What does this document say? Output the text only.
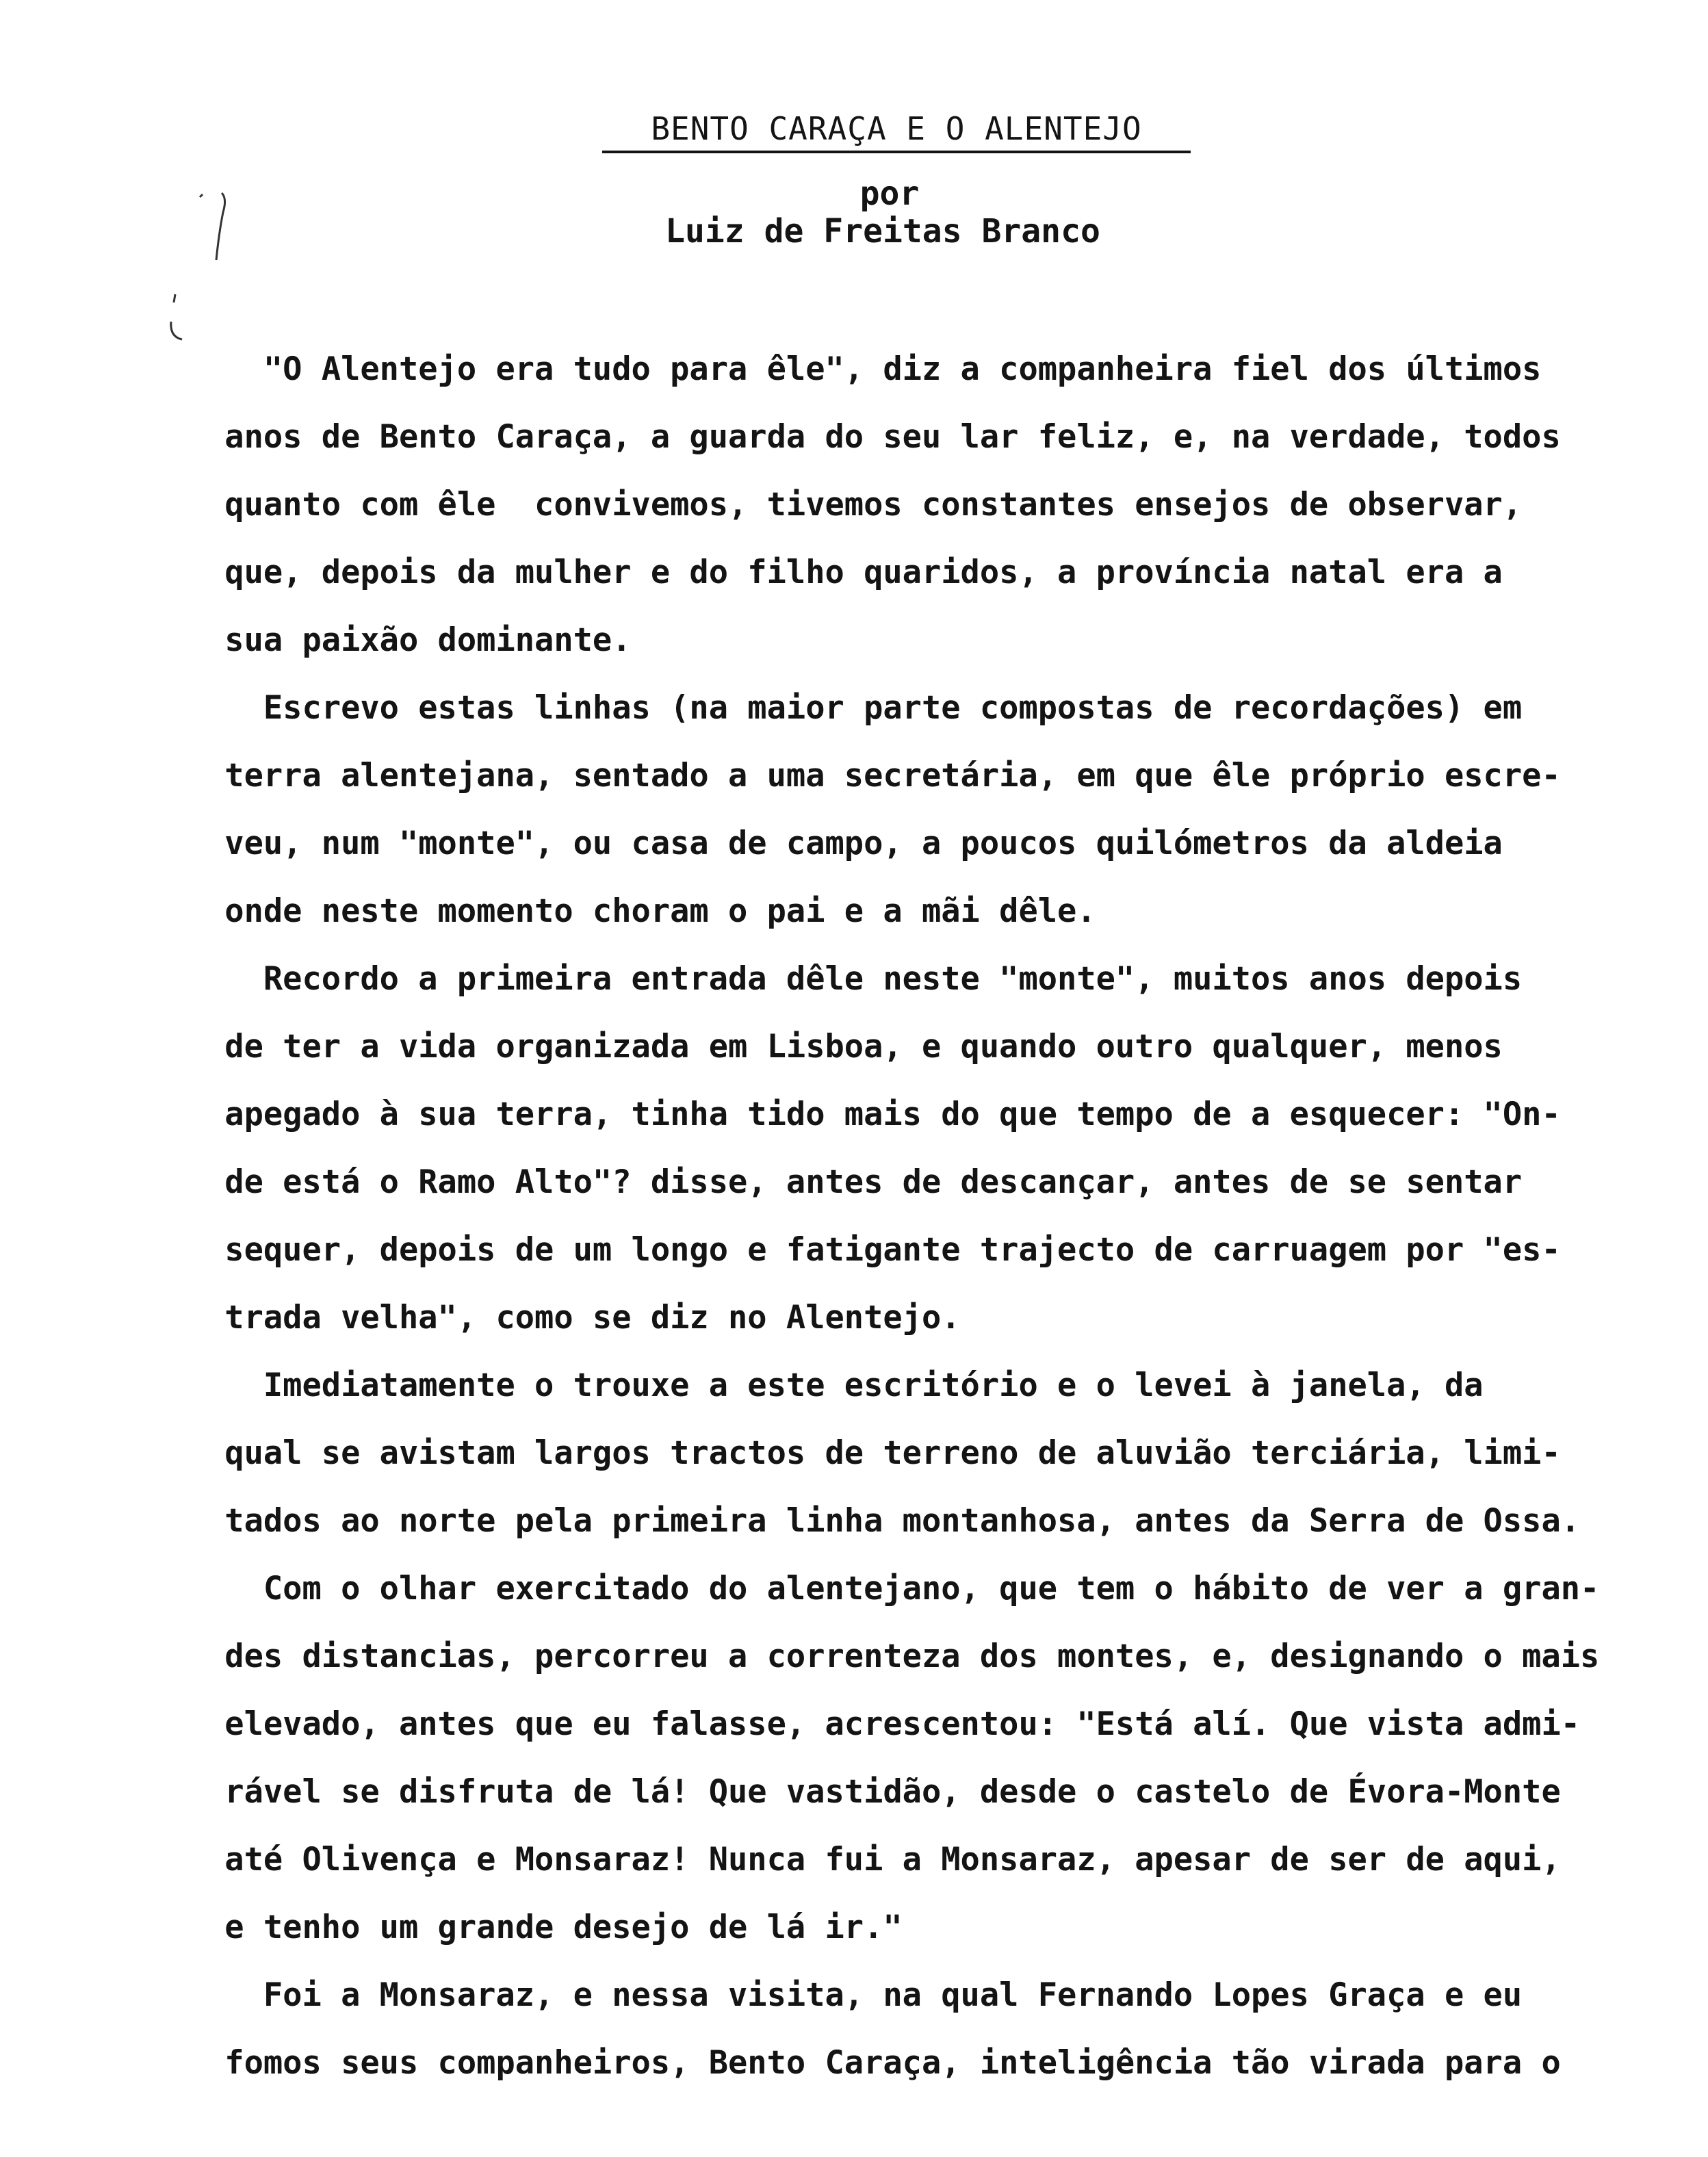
BENTO CARAÇA E O ALENTEJO
por
Luiz de Freitas Branco
"O Alentejo era tudo para êle", diz a companheira fiel dos últimos
anos de Bento Caraça, a guarda do seu lar feliz, e, na verdade, todos
quanto com êle  convivemos, tivemos constantes ensejos de observar,
que, depois da mulher e do filho quaridos, a província natal era a
sua paixão dominante.
Escrevo estas linhas (na maior parte compostas de recordações) em
terra alentejana, sentado a uma secretária, em que êle próprio escre-
veu, num "monte", ou casa de campo, a poucos quilómetros da aldeia
onde neste momento choram o pai e a mãi dêle.
Recordo a primeira entrada dêle neste "monte", muitos anos depois
de ter a vida organizada em Lisboa, e quando outro qualquer, menos
apegado à sua terra, tinha tido mais do que tempo de a esquecer: "On-
de está o Ramo Alto"? disse, antes de descançar, antes de se sentar
sequer, depois de um longo e fatigante trajecto de carruagem por "es-
trada velha", como se diz no Alentejo.
Imediatamente o trouxe a este escritório e o levei à janela, da
qual se avistam largos tractos de terreno de aluvião terciária, limi-
tados ao norte pela primeira linha montanhosa, antes da Serra de Ossa.
Com o olhar exercitado do alentejano, que tem o hábito de ver a gran-
des distancias, percorreu a correnteza dos montes, e, designando o mais
elevado, antes que eu falasse, acrescentou: "Está alí. Que vista admi-
rável se disfruta de lá! Que vastidão, desde o castelo de Évora-Monte
até Olivença e Monsaraz! Nunca fui a Monsaraz, apesar de ser de aqui,
e tenho um grande desejo de lá ir."
Foi a Monsaraz, e nessa visita, na qual Fernando Lopes Graça e eu
fomos seus companheiros, Bento Caraça, inteligência tão virada para o
